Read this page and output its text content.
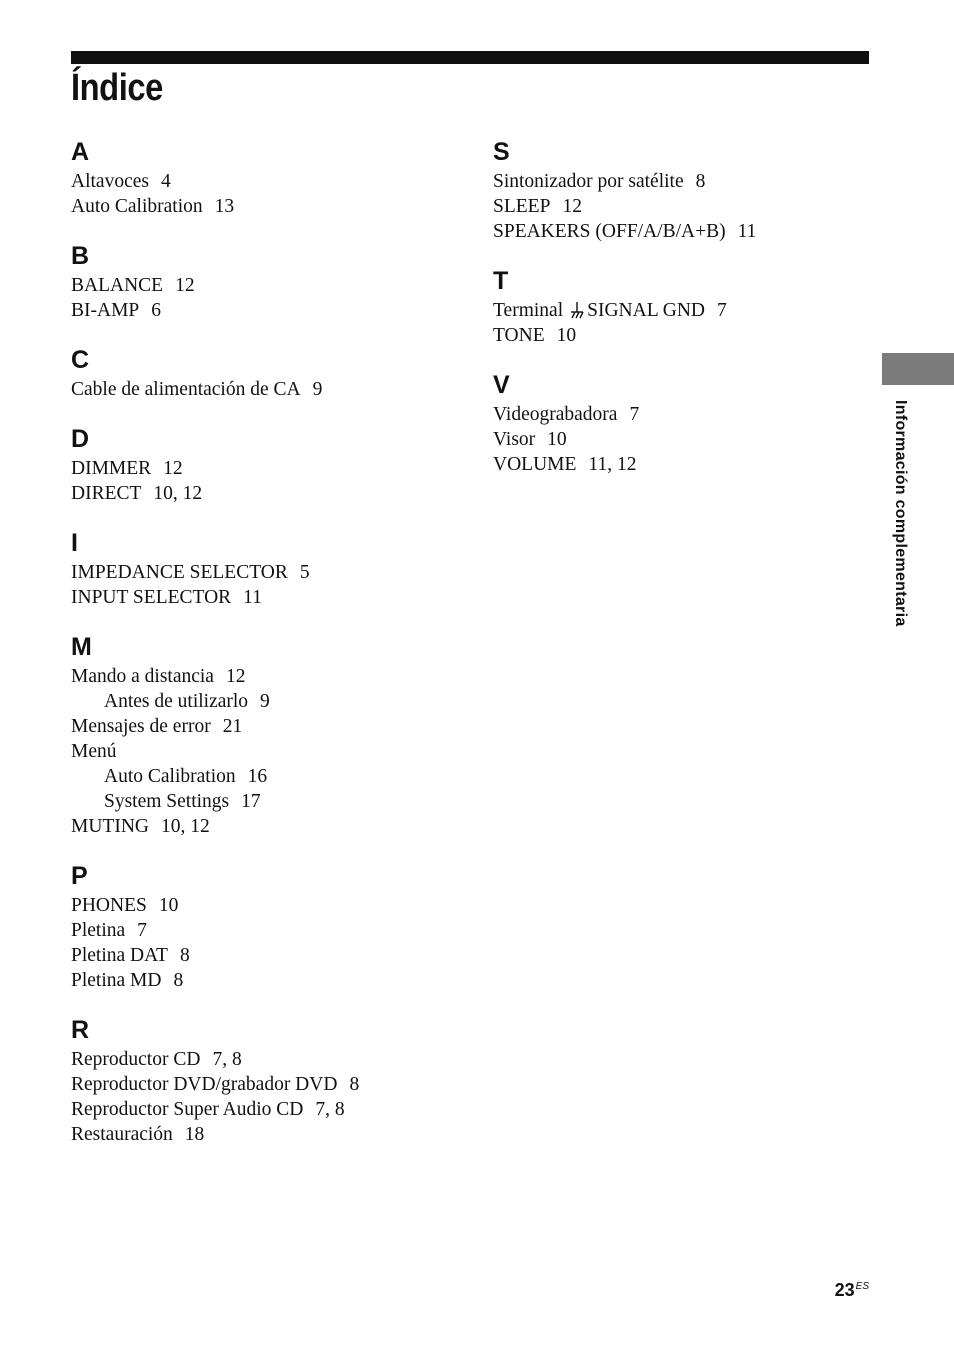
Índice
A
Altavoces 4
Auto Calibration 13
B
BALANCE 12
BI-AMP 6
C
Cable de alimentación de CA 9
D
DIMMER 12
DIRECT 10, 12
I
IMPEDANCE SELECTOR 5
INPUT SELECTOR 11
M
Mando a distancia 12
Antes de utilizarlo 9
Mensajes de error 21
Menú
Auto Calibration 16
System Settings 17
MUTING 10, 12
P
PHONES 10
Pletina 7
Pletina DAT 8
Pletina MD 8
R
Reproductor CD 7, 8
Reproductor DVD/grabador DVD 8
Reproductor Super Audio CD 7, 8
Restauración 18
S
Sintonizador por satélite 8
SLEEP 12
SPEAKERS (OFF/A/B/A+B) 11
T
Terminal SIGNAL GND 7
TONE 10
V
Videograbadora 7
Visor 10
VOLUME 11, 12	Información complementaria
$23^{ES}$
